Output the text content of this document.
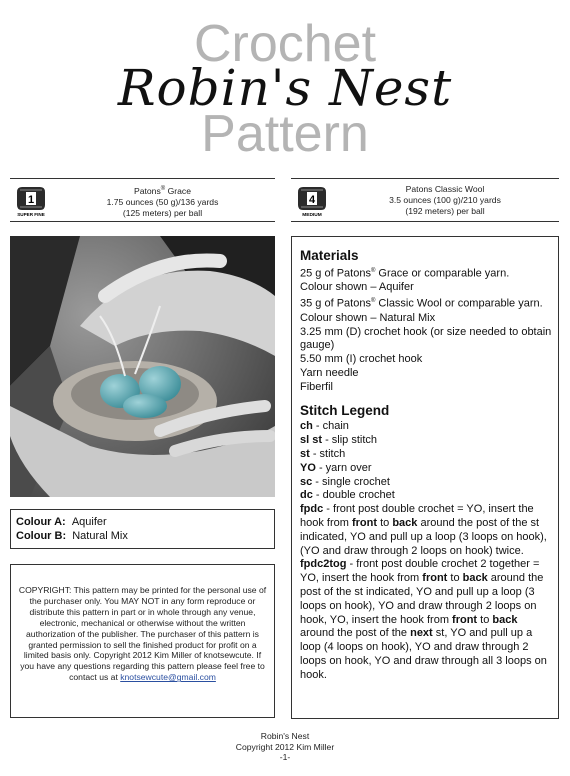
Crochet
Robin's Nest
Pattern
1
SUPER FINE
Patons® Grace
1.75 ounces (50 g)/136 yards
(125 meters) per ball
4
MEDIUM
Patons Classic Wool
3.5 ounces (100 g)/210 yards
(192 meters) per ball
Colour A: Aquifer
Colour B: Natural Mix
COPYRIGHT: This pattern may be printed for the personal use of the purchaser only. You MAY NOT in any form reproduce or distribute this pattern in part or in whole through any venue, electronic, mechanical or otherwise without the written authorization of the publisher. The purchaser of this pattern is granted permission to sell the finished product for profit on a limited basis only. Copyright 2012 Kim Miller of knotsewcute. If you have any questions regarding this pattern please feel free to contact us at knotsewcute@gmail.com
Materials
25 g of Patons® Grace or comparable yarn.
Colour shown – Aquifer
35 g of Patons® Classic Wool or comparable yarn.
Colour shown – Natural Mix
3.25 mm (D) crochet hook (or size needed to obtain gauge)
5.50 mm (I) crochet hook
Yarn needle
Fiberfil
Stitch Legend
ch - chain
sl st - slip stitch
st - stitch
YO - yarn over
sc - single crochet
dc - double crochet
fpdc - front post double crochet = YO, insert the hook from front to back around the post of the st indicated, YO and pull up a loop (3 loops on hook), (YO and draw through 2 loops on hook) twice.
fpdc2tog - front post double crochet 2 together = YO, insert the hook from front to back around the post of the st indicated, YO and pull up a loop (3 loops on hook), YO and draw through 2 loops on hook, YO, insert the hook from front to back around the post of the next st, YO and pull up a loop (4 loops on hook), YO and draw through 2 loops on hook, YO and draw through all 3 loops on hook.
Robin's Nest
Copyright 2012 Kim Miller
-1-
